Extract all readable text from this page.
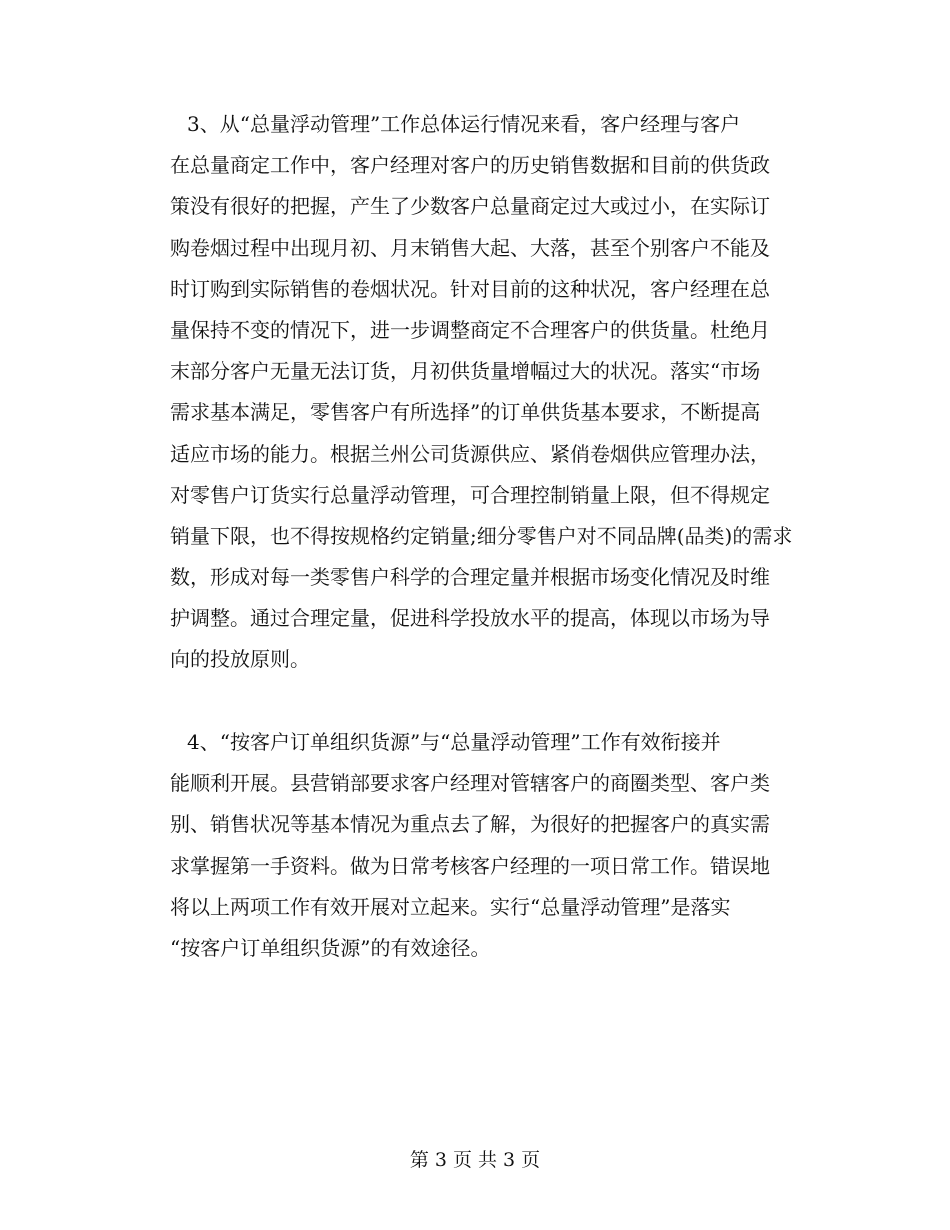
3、从“总量浮动管理”工作总体运行情况来看，客户经理与客户
在总量商定工作中，客户经理对客户的历史销售数据和目前的供货政
策没有很好的把握，产生了少数客户总量商定过大或过小，在实际订
购卷烟过程中出现月初、月末销售大起、大落，甚至个别客户不能及
时订购到实际销售的卷烟状况。针对目前的这种状况，客户经理在总
量保持不变的情况下，进一步调整商定不合理客户的供货量。杜绝月
末部分客户无量无法订货，月初供货量增幅过大的状况。落实“市场
需求基本满足，零售客户有所选择”的订单供货基本要求，不断提高
适应市场的能力。根据兰州公司货源供应、紧俏卷烟供应管理办法，
对零售户订货实行总量浮动管理，可合理控制销量上限，但不得规定
销量下限，也不得按规格约定销量;细分零售户对不同品牌(品类)的需求
数，形成对每一类零售户科学的合理定量并根据市场变化情况及时维
护调整。通过合理定量，促进科学投放水平的提高，体现以市场为导
向的投放原则。
4、“按客户订单组织货源”与“总量浮动管理”工作有效衔接并
能顺利开展。县营销部要求客户经理对管辖客户的商圈类型、客户类
别、销售状况等基本情况为重点去了解，为很好的把握客户的真实需
求掌握第一手资料。做为日常考核客户经理的一项日常工作。错误地
将以上两项工作有效开展对立起来。实行“总量浮动管理”是落实
“按客户订单组织货源”的有效途径。
第 3 页 共 3 页
